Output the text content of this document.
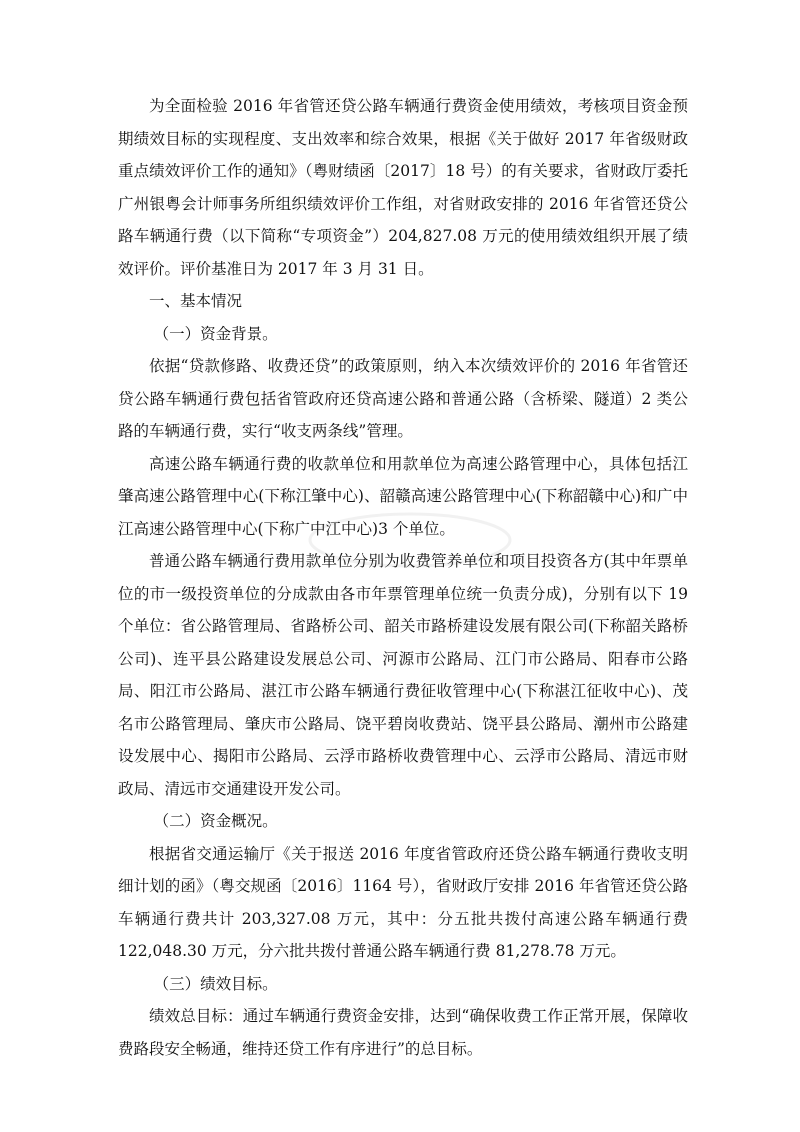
为全面检验 2016 年省管还贷公路车辆通行费资金使用绩效，考核项目资金预期绩效目标的实现程度、支出效率和综合效果，根据《关于做好 2017 年省级财政重点绩效评价工作的通知》（粤财绩函〔2017〕18 号）的有关要求，省财政厅委托广州银粤会计师事务所组织绩效评价工作组，对省财政安排的 2016 年省管还贷公路车辆通行费（以下简称“专项资金”）204,827.08 万元的使用绩效组织开展了绩效评价。评价基准日为 2017 年 3 月 31 日。

一、基本情况

（一）资金背景。

依据“贷款修路、收费还贷”的政策原则，纳入本次绩效评价的 2016 年省管还贷公路车辆通行费包括省管政府还贷高速公路和普通公路（含桥梁、隧道）2 类公路的车辆通行费，实行“收支两条线”管理。

高速公路车辆通行费的收款单位和用款单位为高速公路管理中心，具体包括江肇高速公路管理中心(下称江肇中心)、韶赣高速公路管理中心(下称韶赣中心)和广中江高速公路管理中心(下称广中江中心)3 个单位。

普通公路车辆通行费用款单位分别为收费管养单位和项目投资各方(其中年票单位的市一级投资单位的分成款由各市年票管理单位统一负责分成)，分别有以下 19 个单位：省公路管理局、省路桥公司、韶关市路桥建设发展有限公司(下称韶关路桥公司)、连平县公路建设发展总公司、河源市公路局、江门市公路局、阳春市公路局、阳江市公路局、湛江市公路车辆通行费征收管理中心(下称湛江征收中心)、茂名市公路管理局、肇庆市公路局、饶平碧岗收费站、饶平县公路局、潮州市公路建设发展中心、揭阳市公路局、云浮市路桥收费管理中心、云浮市公路局、清远市财政局、清远市交通建设开发公司。

（二）资金概况。

根据省交通运输厅《关于报送 2016 年度省管政府还贷公路车辆通行费收支明细计划的函》（粤交规函〔2016〕1164 号），省财政厅安排 2016 年省管还贷公路车辆通行费共计 203,327.08 万元，其中：分五批共拨付高速公路车辆通行费 122,048.30 万元，分六批共拨付普通公路车辆通行费 81,278.78 万元。

（三）绩效目标。

绩效总目标：通过车辆通行费资金安排，达到“确保收费工作正常开展，保障收费路段安全畅通，维持还贷工作有序进行”的总目标。
